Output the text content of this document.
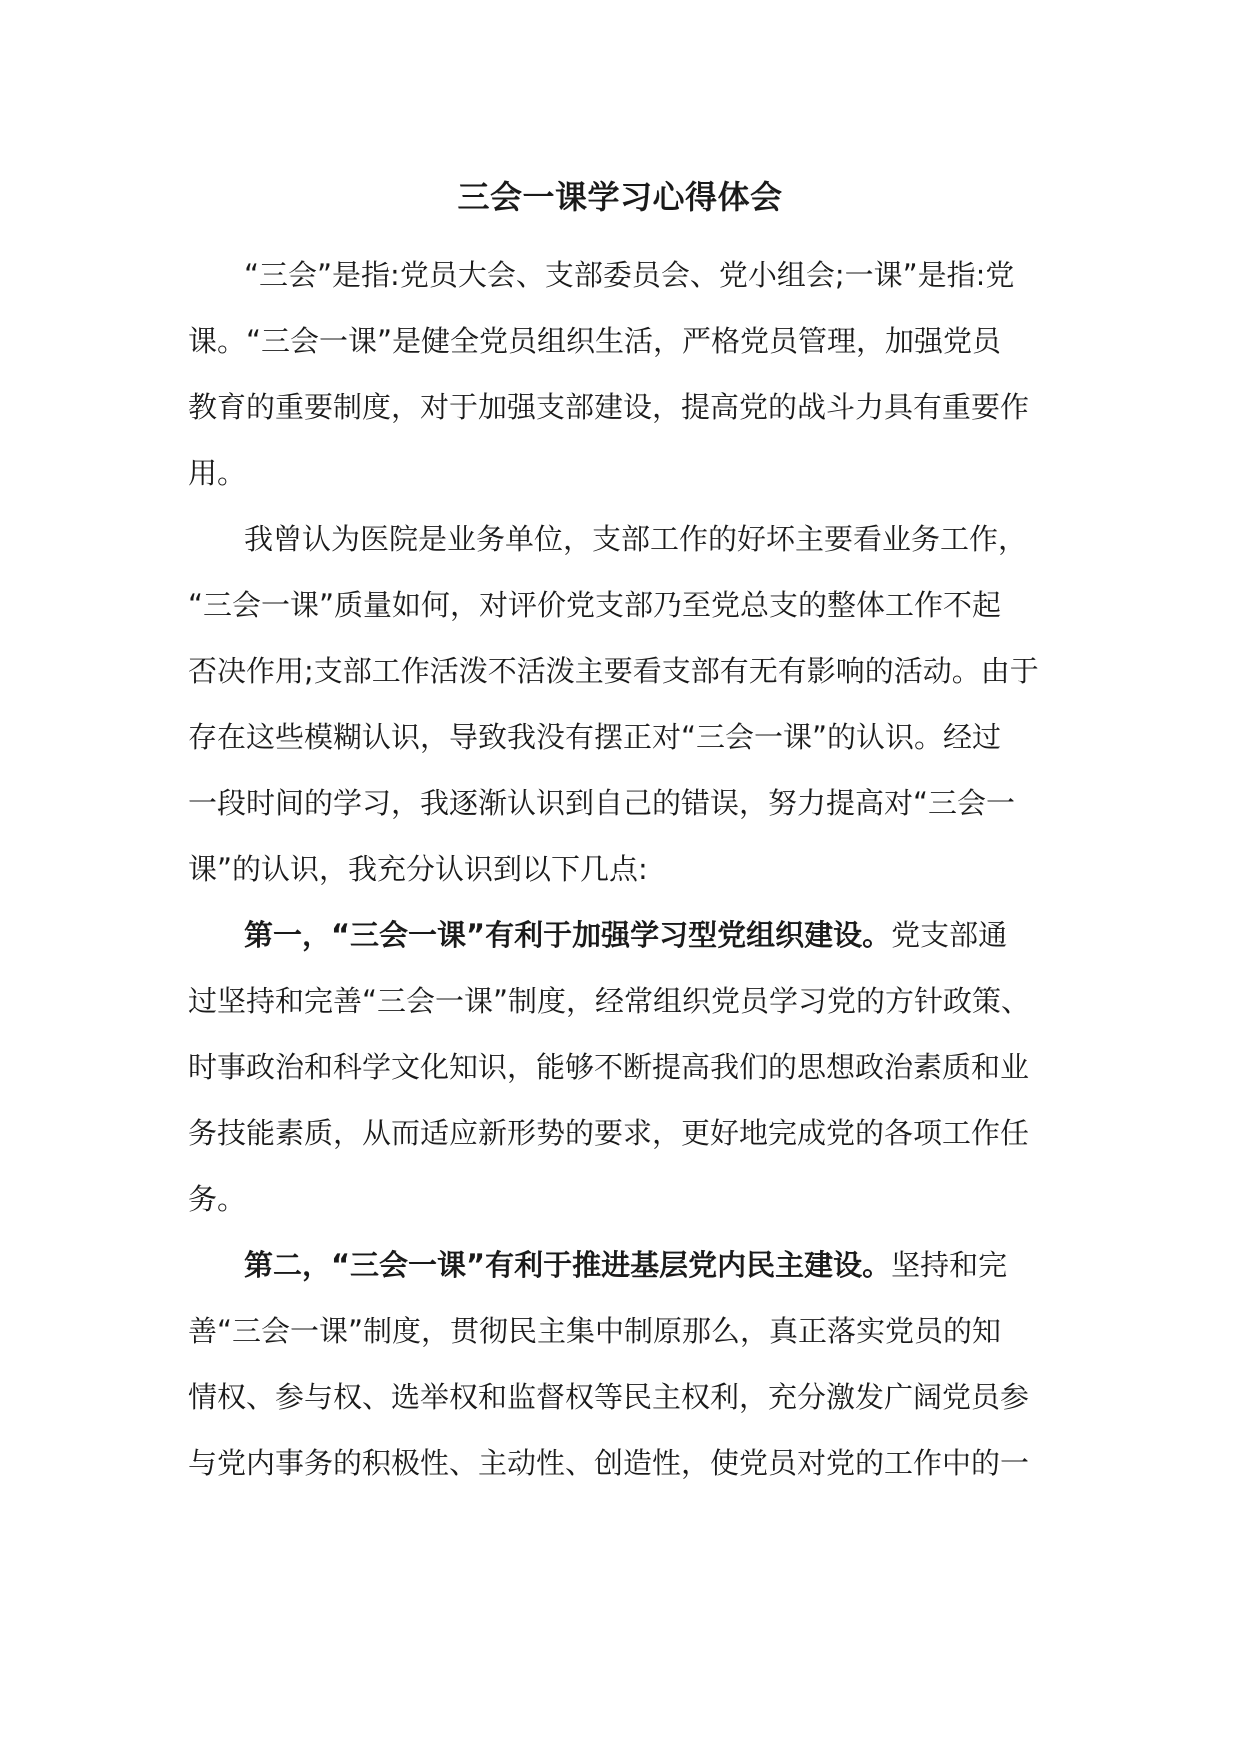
三会一课学习心得体会
“三会”是指:党员大会、支部委员会、党小组会;一课”是指:党
课。“三会一课”是健全党员组织生活，严格党员管理，加强党员
教育的重要制度，对于加强支部建设，提高党的战斗力具有重要作
用。
我曾认为医院是业务单位，支部工作的好坏主要看业务工作，
“三会一课”质量如何，对评价党支部乃至党总支的整体工作不起
否决作用;支部工作活泼不活泼主要看支部有无有影响的活动。由于
存在这些模糊认识，导致我没有摆正对“三会一课”的认识。经过
一段时间的学习，我逐渐认识到自己的错误，努力提高对“三会一
课”的认识，我充分认识到以下几点:
第一，“三会一课”有利于加强学习型党组织建设。党支部通
过坚持和完善“三会一课”制度，经常组织党员学习党的方针政策、
时事政治和科学文化知识，能够不断提高我们的思想政治素质和业
务技能素质，从而适应新形势的要求，更好地完成党的各项工作任
务。
第二，“三会一课”有利于推进基层党内民主建设。坚持和完
善“三会一课”制度，贯彻民主集中制原那么，真正落实党员的知
情权、参与权、选举权和监督权等民主权利，充分激发广阔党员参
与党内事务的积极性、主动性、创造性，使党员对党的工作中的一
